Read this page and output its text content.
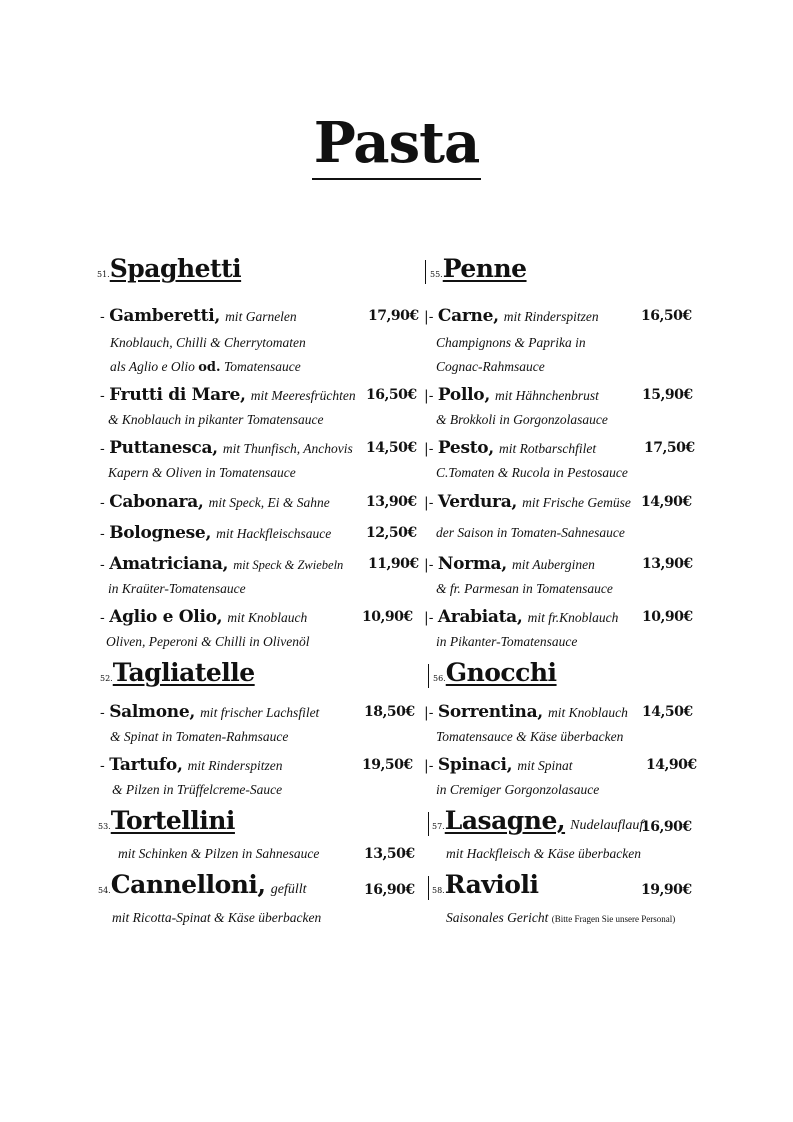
Pasta
51.Spaghetti
- Gamberetti, mit Garnelen	17,90€
Knoblauch, Chilli & Cherrytomaten
als Aglio e Olio od. Tomatensauce
- Frutti di Mare, mit Meeresfrüchten 16,50€
& Knoblauch in pikanter Tomatensauce
- Puttanesca, mit Thunfisch, Anchovis 14,50€
Kapern & Oliven in Tomatensauce
- Cabonara, mit Speck, Ei & Sahne	13,90€
- Bolognese, mit Hackfleischsauce 12,50€
- Amatriciana, mit Speck & Zwiebeln 11,90€
in Kraüter-Tomatensauce
- Aglio e Olio, mit Knoblauch	10,90€
Oliven, Peperoni & Chilli in Olivenöl
52.Tagliatelle
- Salmone, mit frischer Lachsfilet	18,50€
& Spinat in Tomaten-Rahmsauce
- Tartufo, mit Rinderspitzen	19,50€
& Pilzen in Trüffelcreme-Sauce
53.Tortellini
mit Schinken & Pilzen in Sahnesauce	13,50€
54.Cannelloni, gefüllt	16,90€
mit Ricotta-Spinat & Käse überbacken
55.Penne
|- Carne, mit Rinderspitzen	16,50€
Champignons & Paprika in
Cognac-Rahmsauce
|- Pollo, mit Hähnchenbrust	15,90€
& Brokkoli in Gorgonzolasauce
|- Pesto, mit Rotbarschfilet	17,50€
C.Tomaten & Rucola in Pestosauce
|- Verdura, mit Frische Gemüse 14,90€
der Saison in Tomaten-Sahnesauce
|- Norma, mit Auberginen	13,90€
& fr. Parmesan in Tomatensauce
|- Arabiata, mit fr.Knoblauch 10,90€
in Pikanter-Tomatensauce
56.Gnocchi
|- Sorrentina, mit Knoblauch 14,50€
Tomatensauce & Käse überbacken
|- Spinaci, mit Spinat	14,90€
in Cremiger Gorgonzolasauce
57.Lasagne, Nudelauflauf
16,90€
mit Hackfleisch & Käse überbacken
58.Ravioli	19,90€
Saisonales Gericht (Bitte Fragen Sie unsere Personal)
